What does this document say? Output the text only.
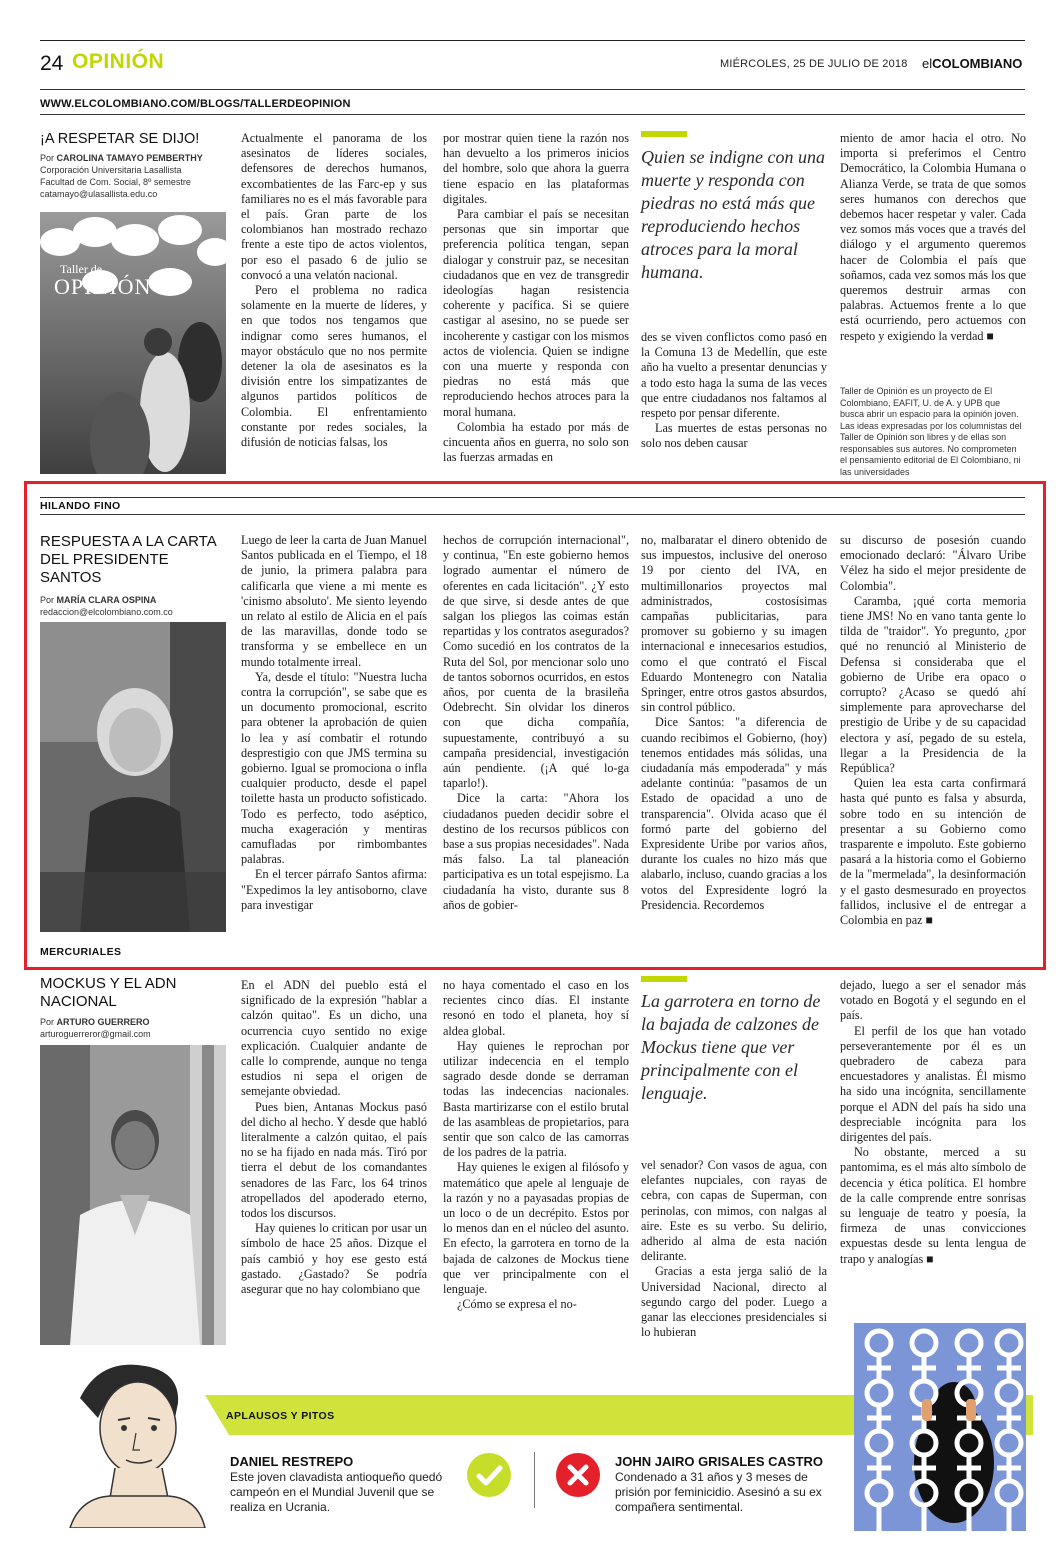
24 OPINIÓN	MIÉRCOLES, 25 DE JULIO DE 2018 elCOLOMBIANO
WWW.ELCOLOMBIANO.COM/BLOGS/TALLERDEOPINION
¡A RESPETAR SE DIJO!
Por CAROLINA TAMAYO PEMBERTHY
Corporación Universitaria Lasallista
Facultad de Com. Social, 8º semestre
catamayo@ulasallista.edu.co
Taller de
OPINIÓN

Actualmente el panorama de los asesinatos de líderes sociales, defensores de derechos humanos, excombatientes de las Farc-ep y sus familiares no es el más favorable para el país. Gran parte de los colombianos han mostrado rechazo frente a este tipo de actos violentos, por eso el pasado 6 de julio se convocó a una velatón nacional.

Pero el problema no radica solamente en la muerte de líderes, y en que todos nos tengamos que indignar como seres humanos, el mayor obstáculo que no nos permite detener la ola de asesinatos es la división entre los simpatizantes de algunos partidos políticos de Colombia. El enfrentamiento constante por redes sociales, la difusión de noticias falsas, los

por mostrar quien tiene la razón nos han devuelto a los primeros inicios del hombre, solo que ahora la guerra tiene espacio en las plataformas digitales.

Para cambiar el país se necesitan personas que sin importar que preferencia política tengan, sepan dialogar y construir paz, se necesitan ciudadanos que en vez de transgredir ideologías hagan resistencia coherente y pacífica. Si se quiere castigar al asesino, no se puede ser incoherente y castigar con los mismos actos de violencia. Quien se indigne con una muerte y responda con piedras no está más que reproduciendo hechos atroces para la moral humana.

Colombia ha estado por más de cincuenta años en guerra, no solo son las fuerzas armadas en

Quien se indigne con una muerte y responda con piedras no está más que reproduciendo hechos atroces para la moral humana.

des se viven conflictos como pasó en la Comuna 13 de Medellín, que este año ha vuelto a presentar denuncias y a todo esto haga la suma de las veces que entre ciudadanos nos faltamos al respeto por pensar diferente.

Las muertes de estas personas no solo nos deben causar

miento de amor hacia el otro. No importa si preferimos el Centro Democrático, la Colombia Humana o Alianza Verde, se trata de que somos seres humanos con derechos que debemos hacer respetar y valer. Cada vez somos más voces que a través del diálogo y el argumento queremos hacer de Colombia el país que soñamos, cada vez somos más los que queremos destruir armas con palabras. Actuemos frente a lo que está ocurriendo, pero actuemos con respeto y exigiendo la verdad ■

Taller de Opinión es un proyecto de El Colombiano, EAFIT, U. de A. y UPB que busca abrir un espacio para la opinión joven. Las ideas expresadas por los columnistas del Taller de Opinión son libres y de ellas son responsables sus autores. No comprometen el pensamiento editorial de El Colombiano, ni las universidades
HILANDO FINO
RESPUESTA A LA CARTA DEL PRESIDENTE SANTOS
Por MARÍA CLARA OSPINA
redaccion@elcolombiano.com.co

Luego de leer la carta de Juan Manuel Santos publicada en el Tiempo, el 18 de junio, la primera palabra para calificarla que viene a mi mente es 'cinismo absoluto'. Me siento leyendo un relato al estilo de Alicia en el país de las maravillas, donde todo se transforma y se embellece en un mundo totalmente irreal.

Ya, desde el título: "Nuestra lucha contra la corrupción", se sabe que es un documento promocional, escrito para obtener la aprobación de quien lo lea y así combatir el rotundo desprestigio con que JMS termina su gobierno. Igual se promociona o infla cualquier producto, desde el papel toilette hasta un producto sofisticado. Todo es perfecto, todo aséptico, mucha exageración y mentiras camufladas por rimbombantes palabras.

En el tercer párrafo Santos afirma: "Expedimos la ley antisoborno, clave para investigar

hechos de corrupción internacional", y continua, "En este gobierno hemos logrado aumentar el número de oferentes en cada licitación". ¿Y esto de que sirve, si desde antes de que salgan los pliegos las coimas están repartidas y los contratos asegurados? Como sucedió en los contratos de la Ruta del Sol, por mencionar solo uno de tantos sobornos ocurridos, en estos años, por cuenta de la brasileña Odebrecht. Sin olvidar los dineros con que dicha compañía, supuestamente, contribuyó a su campaña presidencial, investigación aún pendiente. (¡A qué lo-ga taparlo!).

Dice la carta: "Ahora los ciudadanos pueden decidir sobre el destino de los recursos públicos con base a sus propias necesidades". Nada más falso. La tal planeación participativa es un total espejismo. La ciudadanía ha visto, durante sus 8 años de gobier-

no, malbaratar el dinero obtenido de sus impuestos, inclusive del oneroso 19 por ciento del IVA, en multimillonarios proyectos mal administrados, costosísimas campañas publicitarias, para promover su gobierno y su imagen internacional e innecesarios estudios, como el que contrató el Fiscal Eduardo Montenegro con Natalia Springer, entre otros gastos absurdos, sin control público.

Dice Santos: "a diferencia de cuando recibimos el Gobierno, (hoy) tenemos entidades más sólidas, una ciudadanía más empoderada" y más adelante continúa: "pasamos de un Estado de opacidad a uno de transparencia". Olvida acaso que él formó parte del gobierno del Expresidente Uribe por varios años, durante los cuales no hizo más que alabarlo, incluso, cuando gracias a los votos del Expresidente logró la Presidencia. Recordemos

su discurso de posesión cuando emocionado declaró: "Álvaro Uribe Vélez ha sido el mejor presidente de Colombia".

Caramba, ¡qué corta memoria tiene JMS! No en vano tanta gente lo tilda de "traidor". Yo pregunto, ¿por qué no renunció al Ministerio de Defensa si consideraba que el gobierno de Uribe era opaco o corrupto? ¿Acaso se quedó ahí simplemente para aprovecharse del prestigio de Uribe y de su capacidad electora y así, pegado de su estela, llegar a la Presidencia de la República?

Quien lea esta carta confirmará hasta qué punto es falsa y absurda, sobre todo en su intención de presentar a su Gobierno como trasparente e impoluto. Este gobierno pasará a la historia como el Gobierno de la "mermelada", la desinformación y el gasto desmesurado en proyectos fallidos, inclusive el de entregar a Colombia en paz ■

MERCURIALES
MOCKUS Y EL ADN NACIONAL
Por ARTURO GUERRERO
arturoguerreror@gmail.com

En el ADN del pueblo está el significado de la expresión "hablar a calzón quitao". Es un dicho, una ocurrencia cuyo sentido no exige explicación. Cualquier andante de calle lo comprende, aunque no tenga estudios ni sepa el origen de semejante obviedad.

Pues bien, Antanas Mockus pasó del dicho al hecho. Y desde que habló literalmente a calzón quitao, el país no se ha fijado en nada más. Tiró por tierra el debut de los comandantes senadores de las Farc, los 64 trinos atropellados del apoderado eterno, todos los discursos.

Hay quienes lo critican por usar un símbolo de hace 25 años. Dizque el país cambió y hoy ese gesto está gastado. ¿Gastado? Se podría asegurar que no hay colombiano que

no haya comentado el caso en los recientes cinco días. El instante resonó en todo el planeta, hoy sí aldea global.

Hay quienes le reprochan por utilizar indecencia en el templo sagrado desde donde se derraman todas las indecencias nacionales. Basta martirizarse con el estilo brutal de las asambleas de propietarios, para sentir que son calco de las camorras de los padres de la patria.

Hay quienes le exigen al filósofo y matemático que apele al lenguaje de la razón y no a payasadas propias de un loco o de un decrépito. Estos por lo menos dan en el núcleo del asunto. En efecto, la garrotera en torno de la bajada de calzones de Mockus tiene que ver principalmente con el lenguaje.

¿Cómo se expresa el no-

La garrotera en torno de la bajada de calzones de Mockus tiene que ver principalmente con el lenguaje.

vel senador? Con vasos de agua, con elefantes nupciales, con rayas de cebra, con capas de Superman, con perinolas, con mimos, con nalgas al aire. Este es su verbo. Su delirio, adherido al alma de esta nación delirante.

Gracias a esta jerga salió de la Universidad Nacional, directo al segundo cargo del poder. Luego a ganar las elecciones presidenciales si lo hubieran

dejado, luego a ser el senador más votado en Bogotá y el segundo en el país.

El perfil de los que han votado perseverantemente por él es un quebradero de cabeza para encuestadores y analistas. Él mismo ha sido una incógnita, sencillamente porque el ADN del país ha sido una despreciable incógnita para los dirigentes del país.

No obstante, merced a su pantomima, es el más alto símbolo de decencia y ética política. El hombre de la calle comprende entre sonrisas su lenguaje de teatro y poesía, la firmeza de unas convicciones expuestas desde su lenta lengua de trapo y analogías ■

APLAUSOS Y PITOS
DANIEL RESTREPO
Este joven clavadista antioqueño quedó campeón en el Mundial Juvenil que se realiza en Ucrania.
JOHN JAIRO GRISALES CASTRO
Condenado a 31 años y 3 meses de prisión por feminicidio. Asesinó a su ex compañera sentimental.
